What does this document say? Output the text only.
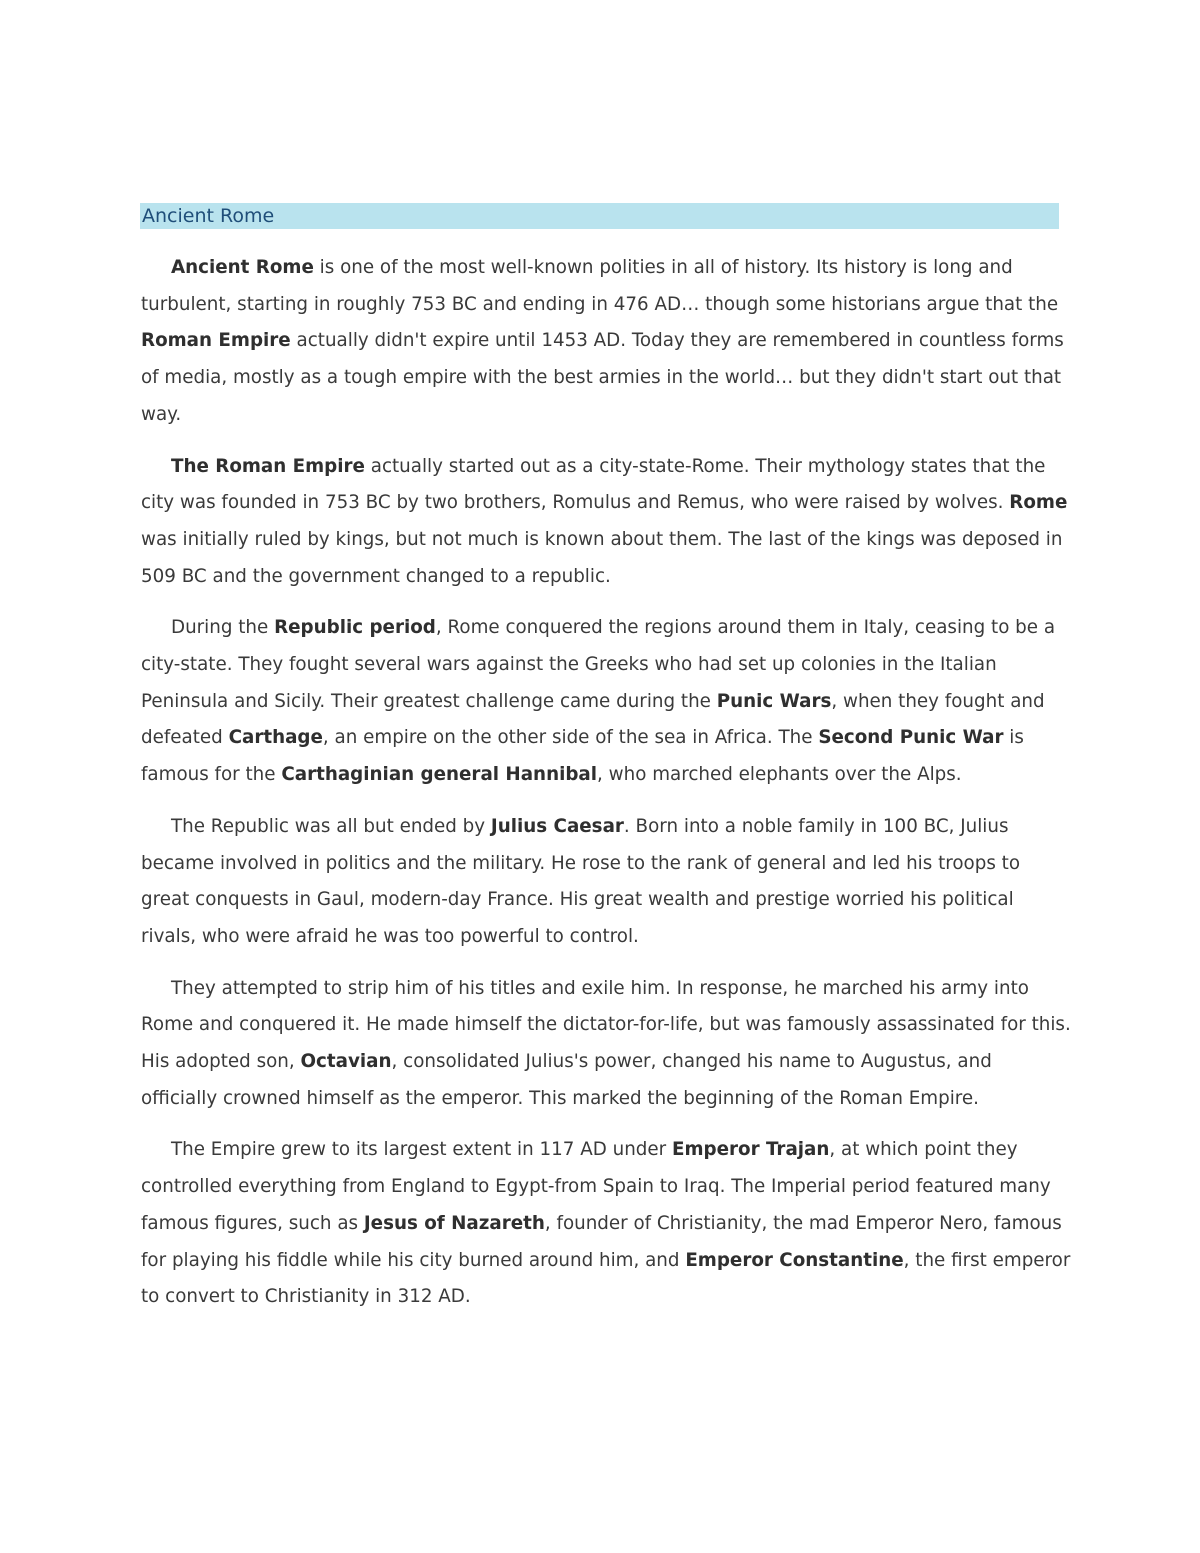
Ancient Rome

Ancient Rome is one of the most well-known polities in all of history. Its history is long and turbulent, starting in roughly 753 BC and ending in 476 AD… though some historians argue that the Roman Empire actually didn't expire until 1453 AD. Today they are remembered in countless forms of media, mostly as a tough empire with the best armies in the world… but they didn't start out that way.

The Roman Empire actually started out as a city-state-Rome. Their mythology states that the city was founded in 753 BC by two brothers, Romulus and Remus, who were raised by wolves. Rome was initially ruled by kings, but not much is known about them. The last of the kings was deposed in 509 BC and the government changed to a republic.

During the Republic period, Rome conquered the regions around them in Italy, ceasing to be a city-state. They fought several wars against the Greeks who had set up colonies in the Italian Peninsula and Sicily. Their greatest challenge came during the Punic Wars, when they fought and defeated Carthage, an empire on the other side of the sea in Africa. The Second Punic War is famous for the Carthaginian general Hannibal, who marched elephants over the Alps.

The Republic was all but ended by Julius Caesar. Born into a noble family in 100 BC, Julius became involved in politics and the military. He rose to the rank of general and led his troops to great conquests in Gaul, modern-day France. His great wealth and prestige worried his political rivals, who were afraid he was too powerful to control.

They attempted to strip him of his titles and exile him. In response, he marched his army into Rome and conquered it. He made himself the dictator-for-life, but was famously assassinated for this. His adopted son, Octavian, consolidated Julius's power, changed his name to Augustus, and officially crowned himself as the emperor. This marked the beginning of the Roman Empire.

The Empire grew to its largest extent in 117 AD under Emperor Trajan, at which point they controlled everything from England to Egypt-from Spain to Iraq. The Imperial period featured many famous figures, such as Jesus of Nazareth, founder of Christianity, the mad Emperor Nero, famous for playing his fiddle while his city burned around him, and Emperor Constantine, the first emperor to convert to Christianity in 312 AD.
